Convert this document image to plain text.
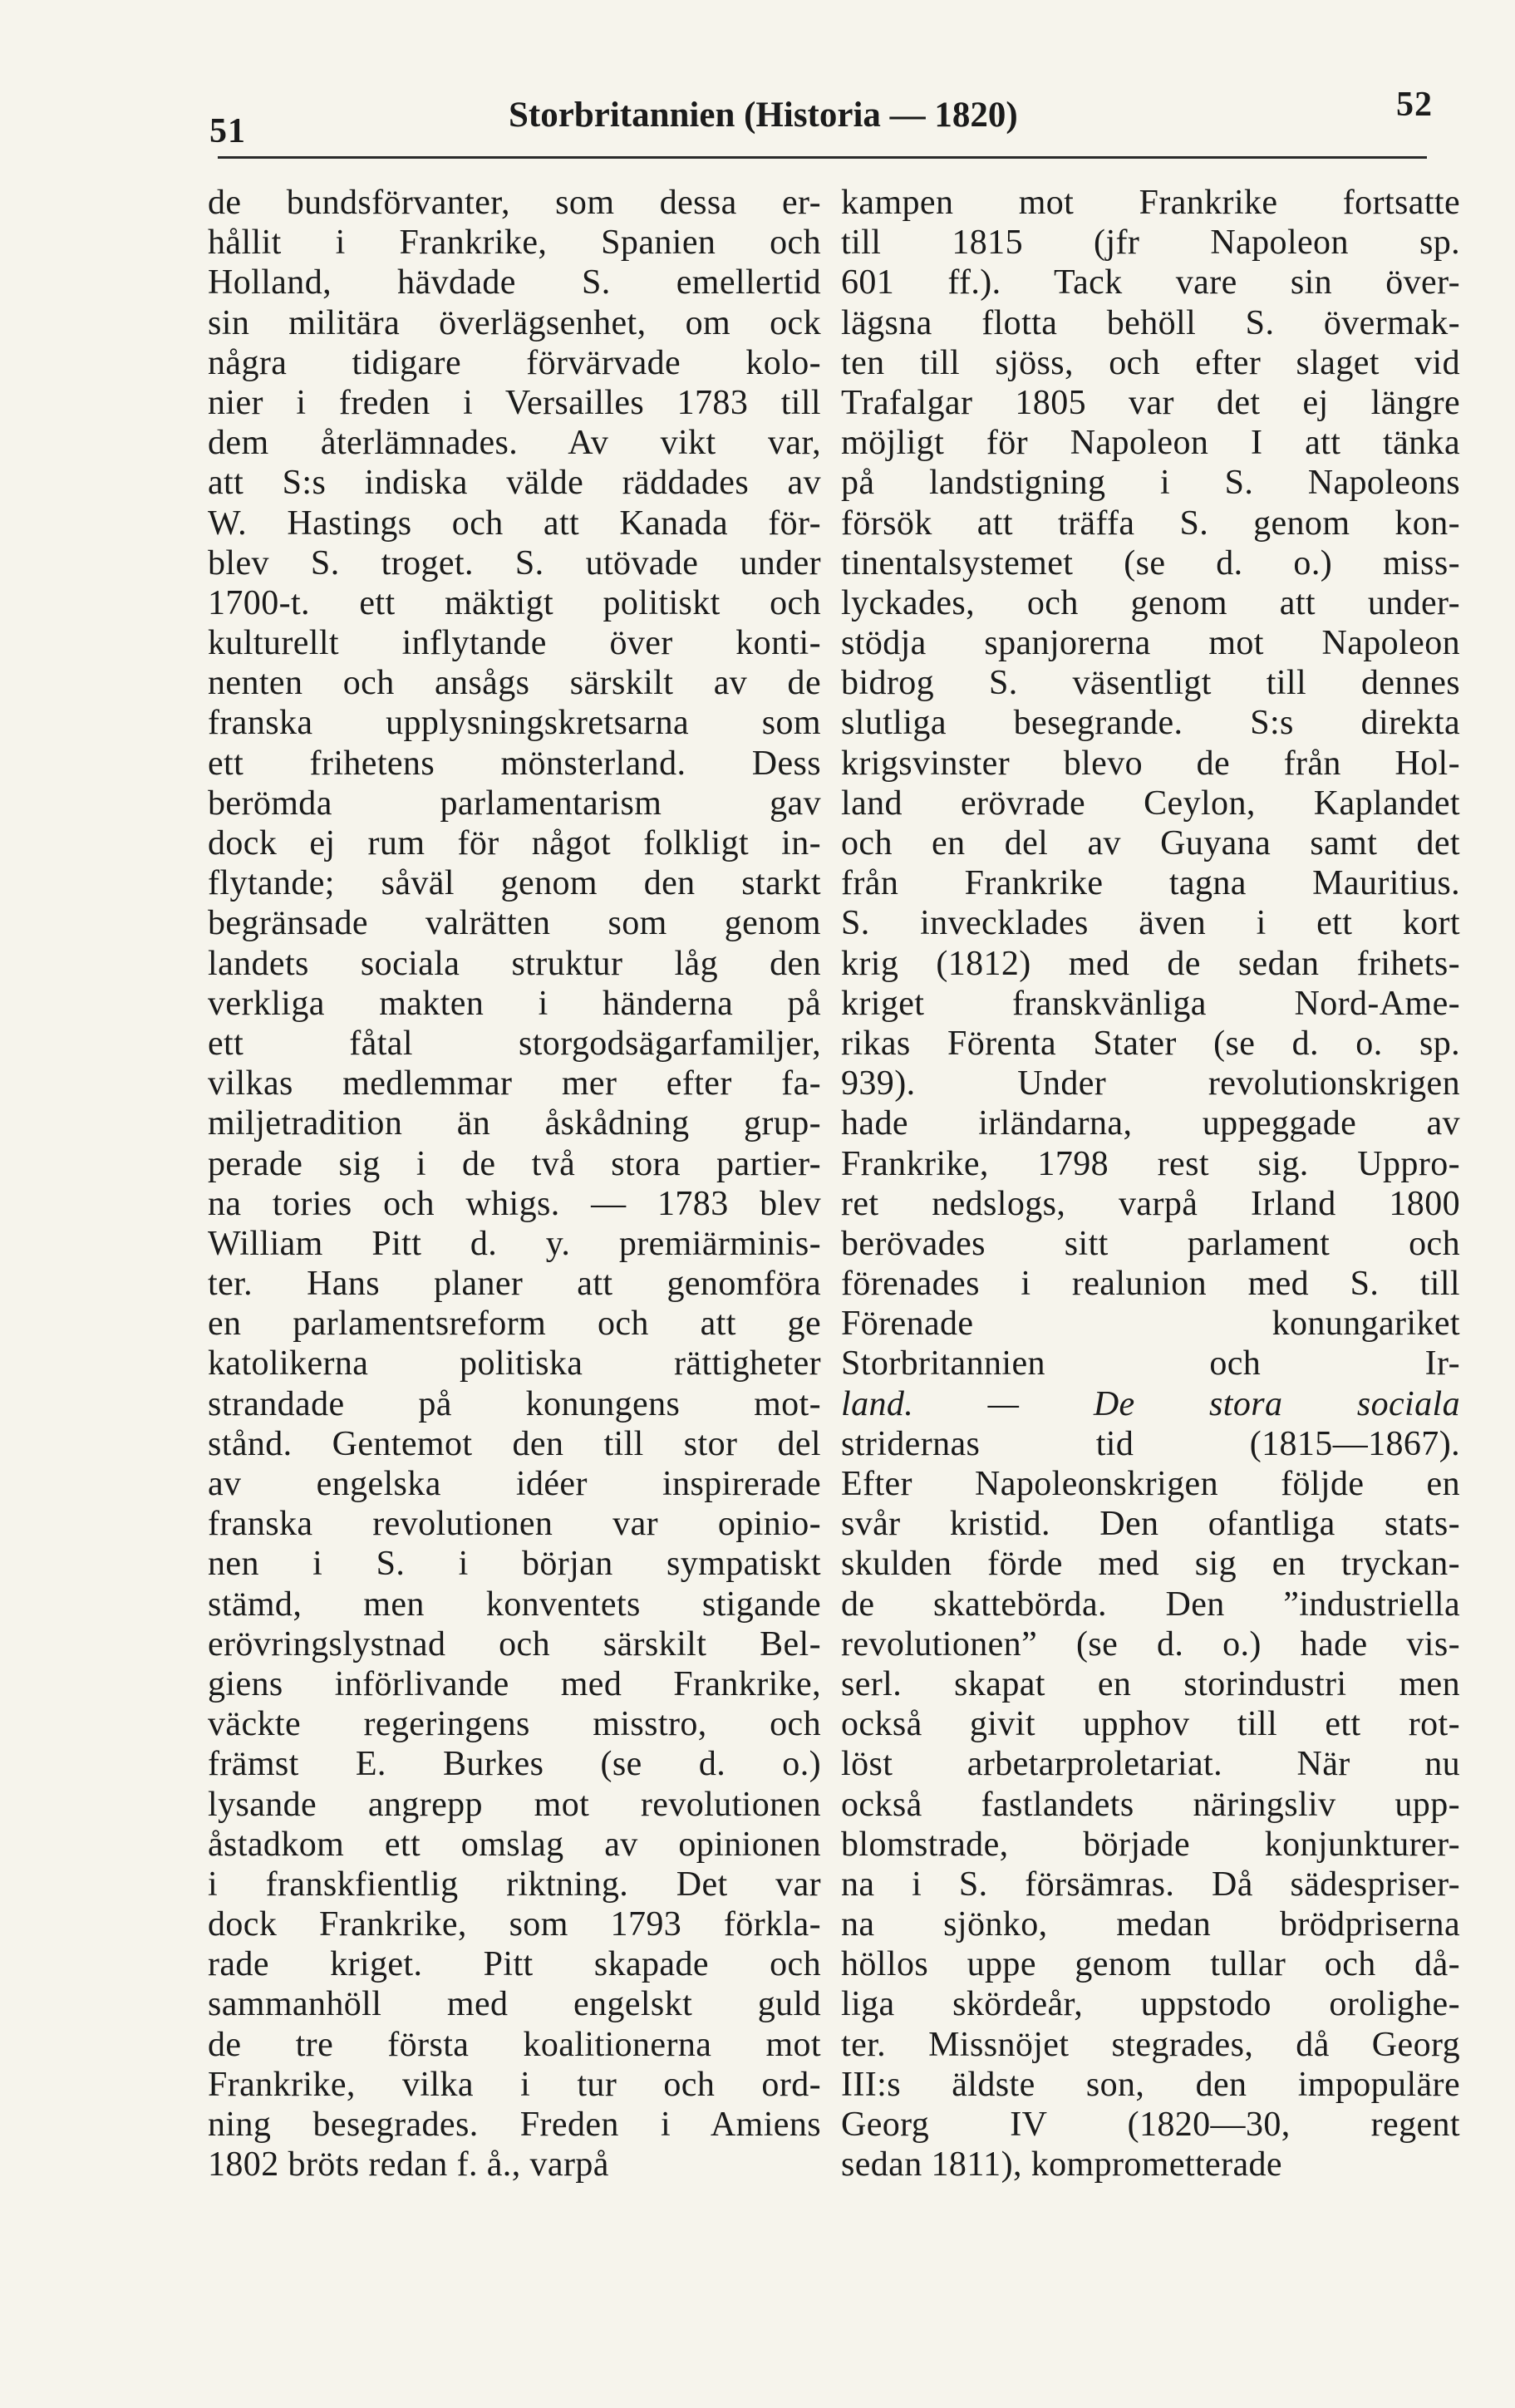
51	Storbritannien (Historia — 1820)	52
de bundsförvanter, som dessa er-
hållit i Frankrike, Spanien och
Holland, hävdade S. emellertid
sin militära överlägsenhet, om ock
några tidigare förvärvade kolo-
nier i freden i Versailles 1783 till
dem återlämnades. Av vikt var,
att S:s indiska välde räddades av
W. Hastings och att Kanada för-
blev S. troget. S. utövade under
1700-t. ett mäktigt politiskt och
kulturellt inflytande över konti-
nenten och ansågs särskilt av de
franska upplysningskretsarna som
ett frihetens mönsterland. Dess
berömda parlamentarism gav
dock ej rum för något folkligt in-
flytande; såväl genom den starkt
begränsade valrätten som genom
landets sociala struktur låg den
verkliga makten i händerna på
ett fåtal storgodsägarfamiljer,
vilkas medlemmar mer efter fa-
miljetradition än åskådning grup-
perade sig i de två stora partier-
na tories och whigs. — 1783 blev
William Pitt d. y. premiärminis-
ter. Hans planer att genomföra
en parlamentsreform och att ge
katolikerna politiska rättigheter
strandade på konungens mot-
stånd. Gentemot den till stor del
av engelska idéer inspirerade
franska revolutionen var opinio-
nen i S. i början sympatiskt
stämd, men konventets stigande
erövringslystnad och särskilt Bel-
giens införlivande med Frankrike,
väckte regeringens misstro, och
främst E. Burkes (se d. o.)
lysande angrepp mot revolutionen
åstadkom ett omslag av opinionen
i franskfientlig riktning. Det var
dock Frankrike, som 1793 förkla-
rade kriget. Pitt skapade och
sammanhöll med engelskt guld
de tre första koalitionerna mot
Frankrike, vilka i tur och ord-
ning besegrades. Freden i Amiens
1802 bröts redan f. å., varpå
kampen mot Frankrike fortsatte
till 1815 (jfr Napoleon sp.
601 ff.). Tack vare sin över-
lägsna flotta behöll S. övermak-
ten till sjöss, och efter slaget vid
Trafalgar 1805 var det ej längre
möjligt för Napoleon I att tänka
på landstigning i S. Napoleons
försök att träffa S. genom kon-
tinentalsystemet (se d. o.) miss-
lyckades, och genom att under-
stödja spanjorerna mot Napoleon
bidrog S. väsentligt till dennes
slutliga besegrande. S:s direkta
krigsvinster blevo de från Hol-
land erövrade Ceylon, Kaplandet
och en del av Guyana samt det
från Frankrike tagna Mauritius.
S. invecklades även i ett kort
krig (1812) med de sedan frihets-
kriget franskvänliga Nord-Ame-
rikas Förenta Stater (se d. o. sp.
939). Under revolutionskrigen
hade irländarna, uppeggade av
Frankrike, 1798 rest sig. Uppro-
ret nedslogs, varpå Irland 1800
berövades sitt parlament och
förenades i realunion med S. till
Förenade konungariket
Storbritannien och Ir-
land. — De stora sociala
stridernas tid (1815—1867).
Efter Napoleonskrigen följde en
svår kristid. Den ofantliga stats-
skulden förde med sig en tryckan-
de skattebörda. Den ”industriella
revolutionen” (se d. o.) hade vis-
serl. skapat en storindustri men
också givit upphov till ett rot-
löst arbetarproletariat. När nu
också fastlandets näringsliv upp-
blomstrade, började konjunkturer-
na i S. försämras. Då sädespriser-
na sjönko, medan brödpriserna
höllos uppe genom tullar och då-
liga skördeår, uppstodo orolighe-
ter. Missnöjet stegrades, då Georg
III:s äldste son, den impopuläre
Georg IV (1820—30, regent
sedan 1811), komprometterade
